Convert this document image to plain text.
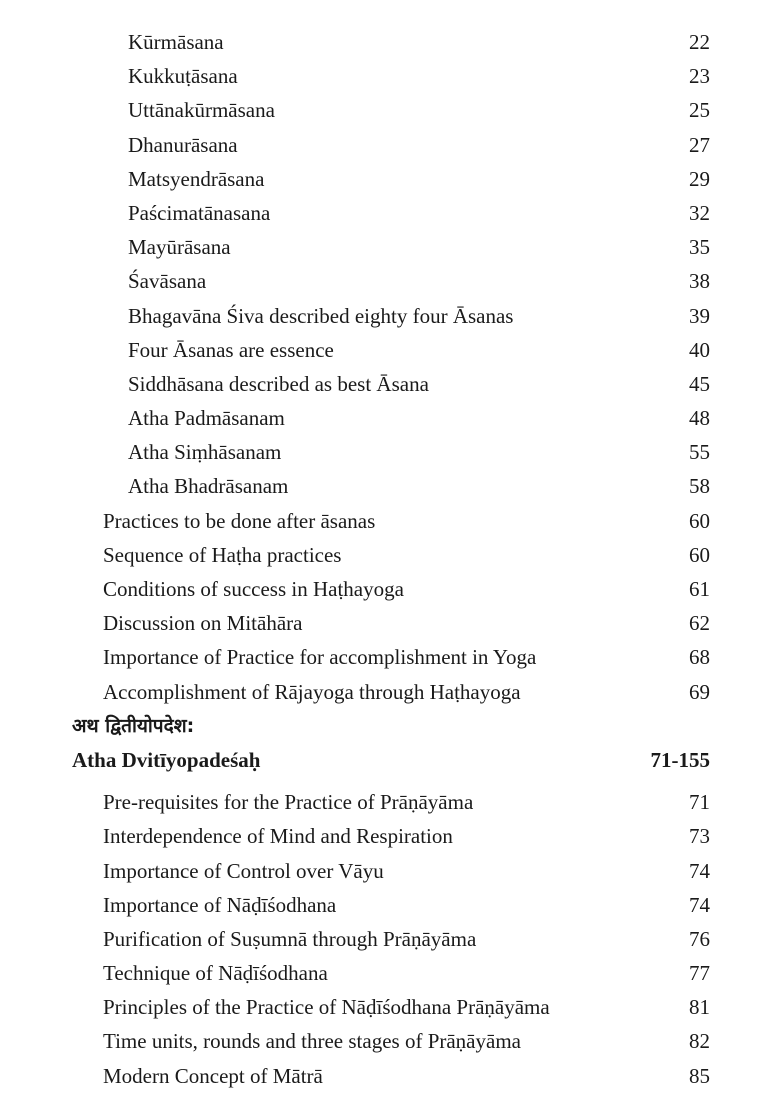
Kūrmāsana	22
Kukkuṭāsana	23
Uttānakūrmāsana	25
Dhanurāsana	27
Matsyendrāsana	29
Paścimatānasana	32
Mayūrāsana	35
Śavāsana	38
Bhagavāna Śiva described eighty four Āsanas	39
Four Āsanas are essence	40
Siddhāsana described as best Āsana	45
Atha Padmāsanam	48
Atha Siṃhāsanam	55
Atha Bhadrāsanam	58
Practices to be done after āsanas	60
Sequence of Haṭha practices	60
Conditions of success in Haṭhayoga	61
Discussion on Mitāhāra	62
Importance of Practice for accomplishment in Yoga	68
Accomplishment of Rājayoga through Haṭhayoga	69
अथ द्वितीयोपदेश:
Atha Dvitīyopadeśaḥ	71-155
Pre-requisites for the Practice of Prāṇāyāma	71
Interdependence of Mind and Respiration	73
Importance of Control over Vāyu	74
Importance of Nāḍīśodhana	74
Purification of Suṣumnā through Prāṇāyāma	76
Technique of Nāḍīśodhana	77
Principles of the Practice of Nāḍīśodhana Prāṇāyāma	81
Time units, rounds and three stages of Prāṇāyāma	82
Modern Concept of Mātrā	85
